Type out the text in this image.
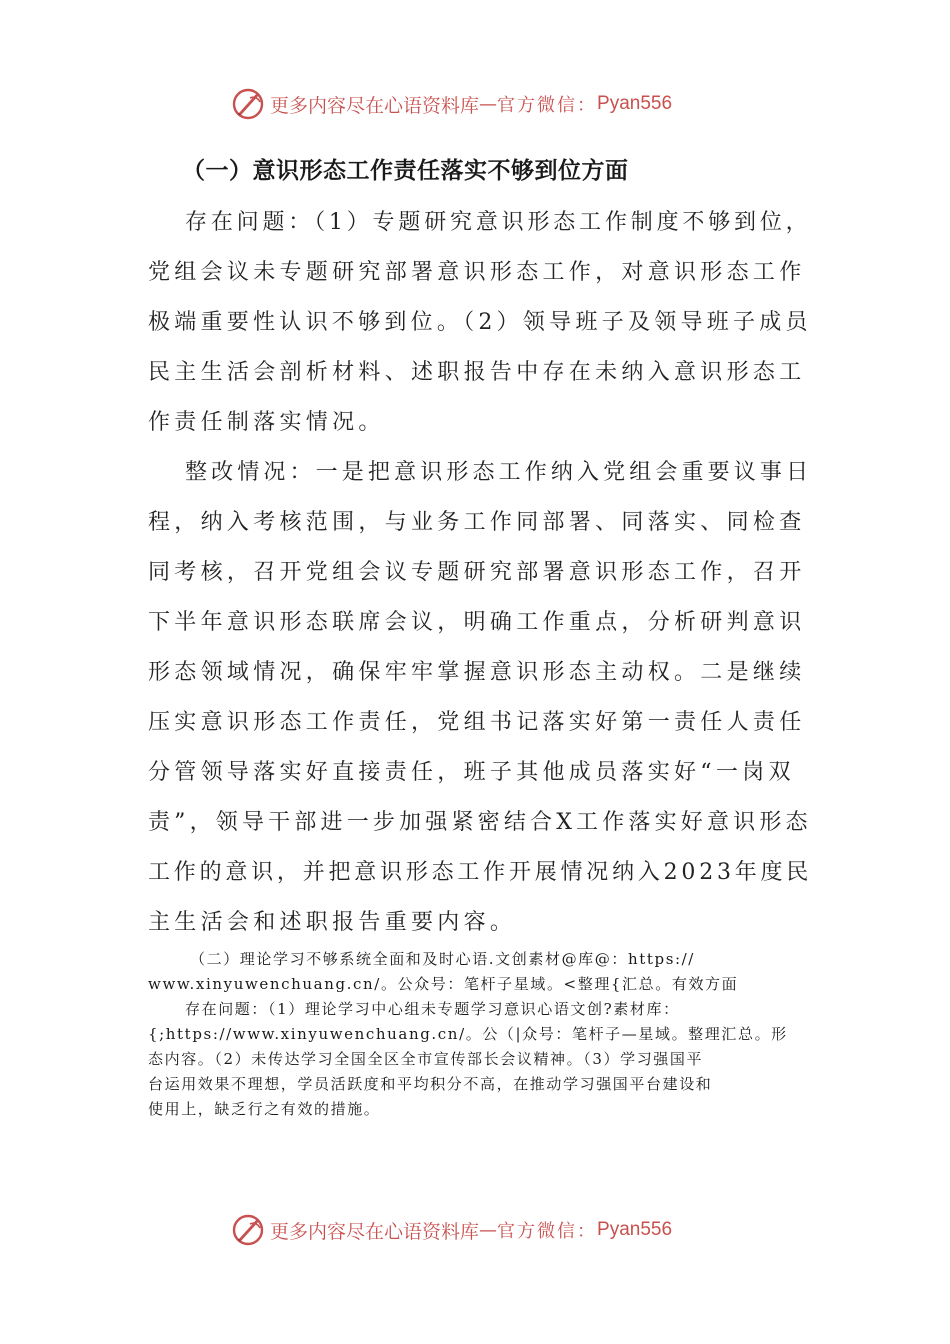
更多内容尽在心语资料库 — 官方微信： Pyan556
（一）意识形态工作责任落实不够到位方面
存在问题：（1）专题研究意识形态工作制度不够到位，
党组会议未专题研究部署意识形态工作，对意识形态工作
极端重要性认识不够到位。（2）领导班子及领导班子成员
民主生活会剖析材料、述职报告中存在未纳入意识形态工
作责任制落实情况。
整改情况：一是把意识形态工作纳入党组会重要议事日
程，纳入考核范围，与业务工作同部署、同落实、同检查
同考核，召开党组会议专题研究部署意识形态工作，召开
下半年意识形态联席会议，明确工作重点，分析研判意识
形态领域情况，确保牢牢掌握意识形态主动权。二是继续
压实意识形态工作责任，党组书记落实好第一责任人责任
分管领导落实好直接责任，班子其他成员落实好“一岗双
责”，领导干部进一步加强紧密结合X工作落实好意识形态
工作的意识，并把意识形态工作开展情况纳入2023年度民
主生活会和述职报告重要内容。
（二）理论学习不够系统全面和及时心语.文创素材@库@：https://
www.xinyuwenchuang.cn/。公众号：笔杆子星域。<整理{汇总。有效方面
存在问题：（1）理论学习中心组未专题学习意识心语文创?素材库：
{;https://www.xinyuwenchuang.cn/。公（|众号：笔杆子—星域。整理汇总。形
态内容。（2）未传达学习全国全区全市宣传部长会议精神。（3）学习强国平
台运用效果不理想，学员活跃度和平均积分不高，在推动学习强国平台建设和
使用上，缺乏行之有效的措施。
更多内容尽在心语资料库 — 官方微信： Pyan556
